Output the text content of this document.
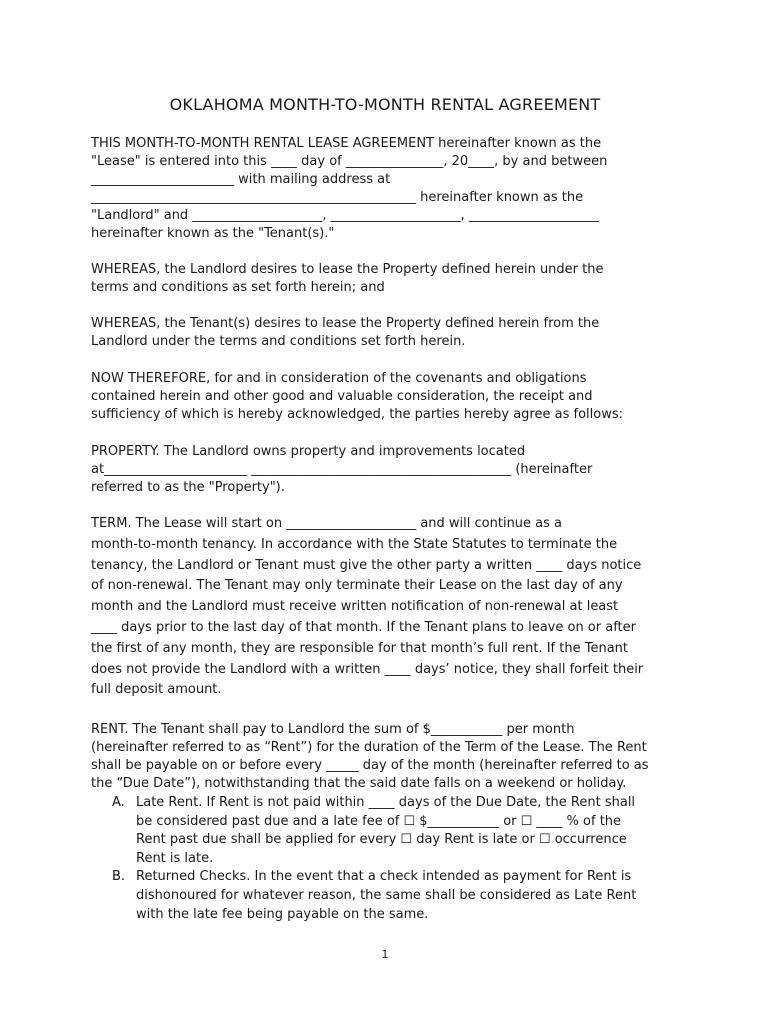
OKLAHOMA MONTH-TO-MONTH RENTAL AGREEMENT
THIS MONTH-TO-MONTH RENTAL LEASE AGREEMENT hereinafter known as the
"Lease" is entered into this ____ day of _______________, 20____, by and between
______________________ with mailing address at
__________________________________________________ hereinafter known as the
"Landlord" and ____________________, ____________________, ____________________
hereinafter known as the "Tenant(s)."
WHEREAS, the Landlord desires to lease the Property defined herein under the
terms and conditions as set forth herein; and
WHEREAS, the Tenant(s) desires to lease the Property defined herein from the
Landlord under the terms and conditions set forth herein.
NOW THEREFORE, for and in consideration of the covenants and obligations
contained herein and other good and valuable consideration, the receipt and
sufficiency of which is hereby acknowledged, the parties hereby agree as follows:
PROPERTY. The Landlord owns property and improvements located
at______________________ ________________________________________ (hereinafter
referred to as the "Property").
TERM. The Lease will start on ____________________ and will continue as a
month-to-month tenancy. In accordance with the State Statutes to terminate the
tenancy, the Landlord or Tenant must give the other party a written ____ days notice
of non-renewal. The Tenant may only terminate their Lease on the last day of any
month and the Landlord must receive written notification of non-renewal at least
____ days prior to the last day of that month. If the Tenant plans to leave on or after
the first of any month, they are responsible for that month’s full rent. If the Tenant
does not provide the Landlord with a written ____ days’ notice, they shall forfeit their
full deposit amount.
RENT. The Tenant shall pay to Landlord the sum of $___________ per month
(hereinafter referred to as “Rent”) for the duration of the Term of the Lease. The Rent
shall be payable on or before every _____ day of the month (hereinafter referred to as
the “Due Date”), notwithstanding that the said date falls on a weekend or holiday.
A. Late Rent. If Rent is not paid within ____ days of the Due Date, the Rent shall
be considered past due and a late fee of ☐ $___________ or ☐ ____ % of the
Rent past due shall be applied for every ☐ day Rent is late or ☐ occurrence
Rent is late.
B. Returned Checks. In the event that a check intended as payment for Rent is
dishonoured for whatever reason, the same shall be considered as Late Rent
with the late fee being payable on the same.
1
